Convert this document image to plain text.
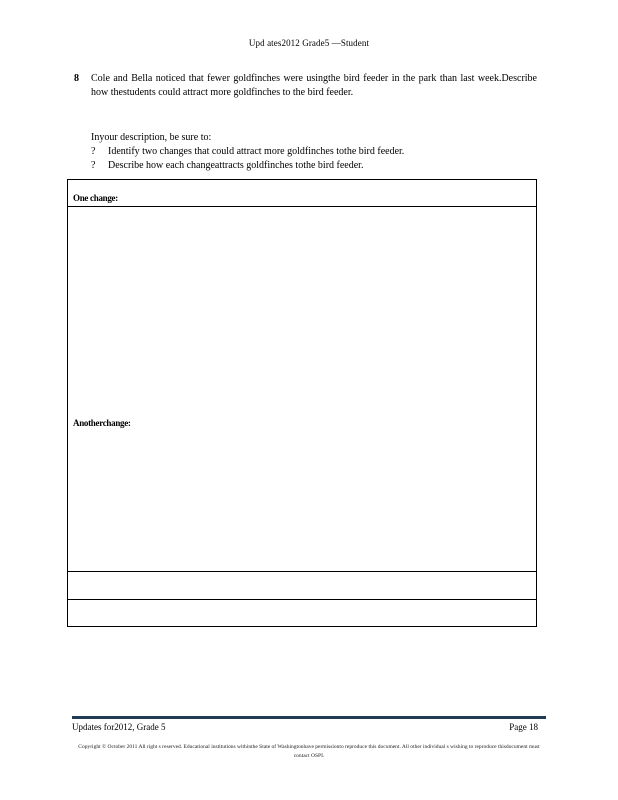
Upd ates2012 Grade5 ––Student
8 Cole and Bella noticed that fewer goldfinches were usingthe bird feeder in the park than last week.Describe how thestudents could attract more goldfinches to the bird feeder.
Inyour description, be sure to:
?	Identify two changes that could attract more goldfinches tothe bird feeder.
?	Describe how each changeattracts goldfinches tothe bird feeder.
One change:
Anotherchange:
Updates for2012, Grade 5	Page 18
Copyright © October 2011 All right s reserved. Educational institutions withinthe State of Washingtonhave permissionto reproduce this document. All other individual s wishing to reproduce thisdocument must contact OSPI.
